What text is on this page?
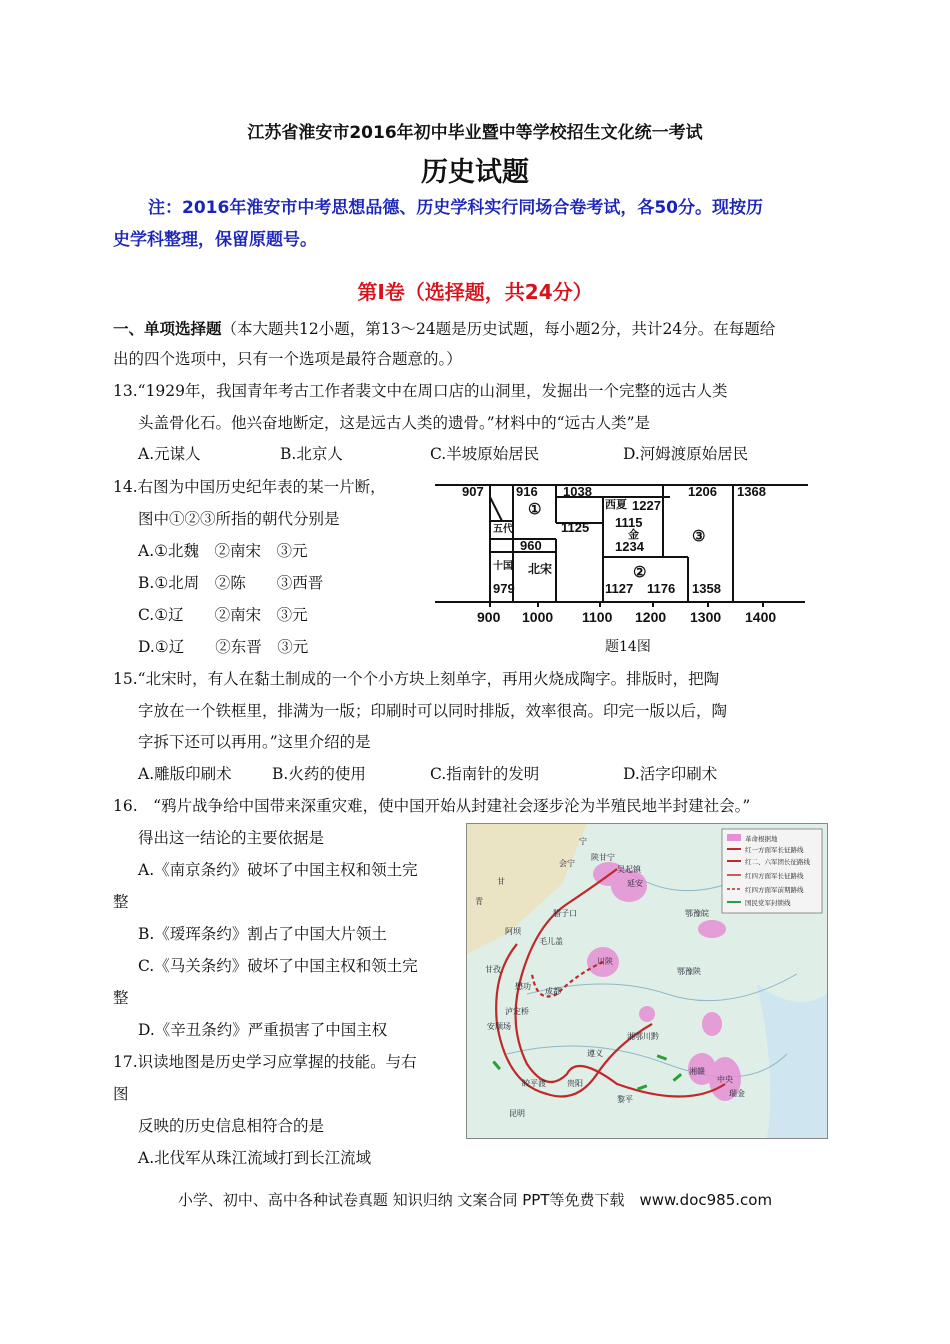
江苏省淮安市2016年初中毕业暨中等学校招生文化统一考试
历史试题
注：2016年淮安市中考思想品德、历史学科实行同场合卷考试，各50分。现按历
史学科整理，保留原题号。
第Ⅰ卷（选择题，共24分）
一、单项选择题（本大题共12小题，第13～24题是历史试题，每小题2分，共计24分。在每题给
出的四个选项中，只有一个选项是最符合题意的。）
13.“1929年，我国青年考古工作者裴文中在周口店的山洞里，发掘出一个完整的远古人类
头盖骨化石。他兴奋地断定，这是远古人类的遗骨。”材料中的“远古人类”是
A.元谋人	B.北京人	C.半坡原始居民	D.河姆渡原始居民
14.右图为中国历史纪年表的某一片断，
图中①②③所指的朝代分别是
A.①北魏　②南宋　③元
B.①北周　②陈　　③西晋
C.①辽　　②南宋　③元
D.①辽　　②东晋　③元
907 916 1038
西夏 1227
1206 1368
1125 1115
金
1234
五代
960
十国 北宋
979	1127 1176 1358
①
②
③
900 1000 1100 1200 1300 1400
题14图
15.“北宋时，有人在黏土制成的一个个小方块上刻单字，再用火烧成陶字。排版时，把陶
字放在一个铁框里，排满为一版；印刷时可以同时排版，效率很高。印完一版以后，陶
字拆下还可以再用。”这里介绍的是
A.雕版印刷术	B.火药的使用	C.指南针的发明	D.活字印刷术
16.　“鸦片战争给中国带来深重灾难，使中国开始从封建社会逐步沦为半殖民地半封建社会。”
得出这一结论的主要依据是
A.《南京条约》破坏了中国主权和领土完
整
B.《瑷珲条约》割占了中国大片领土
C.《马关条约》破坏了中国主权和领土完
整
D.《辛丑条约》严重损害了中国主权
17.识读地图是历史学习应掌握的技能。与右
图
反映的历史信息相符合的是
A.北伐军从珠江流域打到长江流域
陕甘宁
吴起镇
延安
会宁
腊子口
阿坝
毛儿盖
鄂豫皖
川陕
甘孜
懋功
成都
鄂豫陕
泸定桥
安顺场
湘鄂川黔
遵义
湘赣
中央
贵阳
瑞金
皎平渡
黎平
昆明
宁
甘
青
革命根据地
红一方面军长征路线
红二、六军团长征路线
红四方面军长征路线
红四方面军前期路线
国民党军封锁线
小学、初中、高中各种试卷真题 知识归纳 文案合同 PPT等免费下载　www.doc985.com
